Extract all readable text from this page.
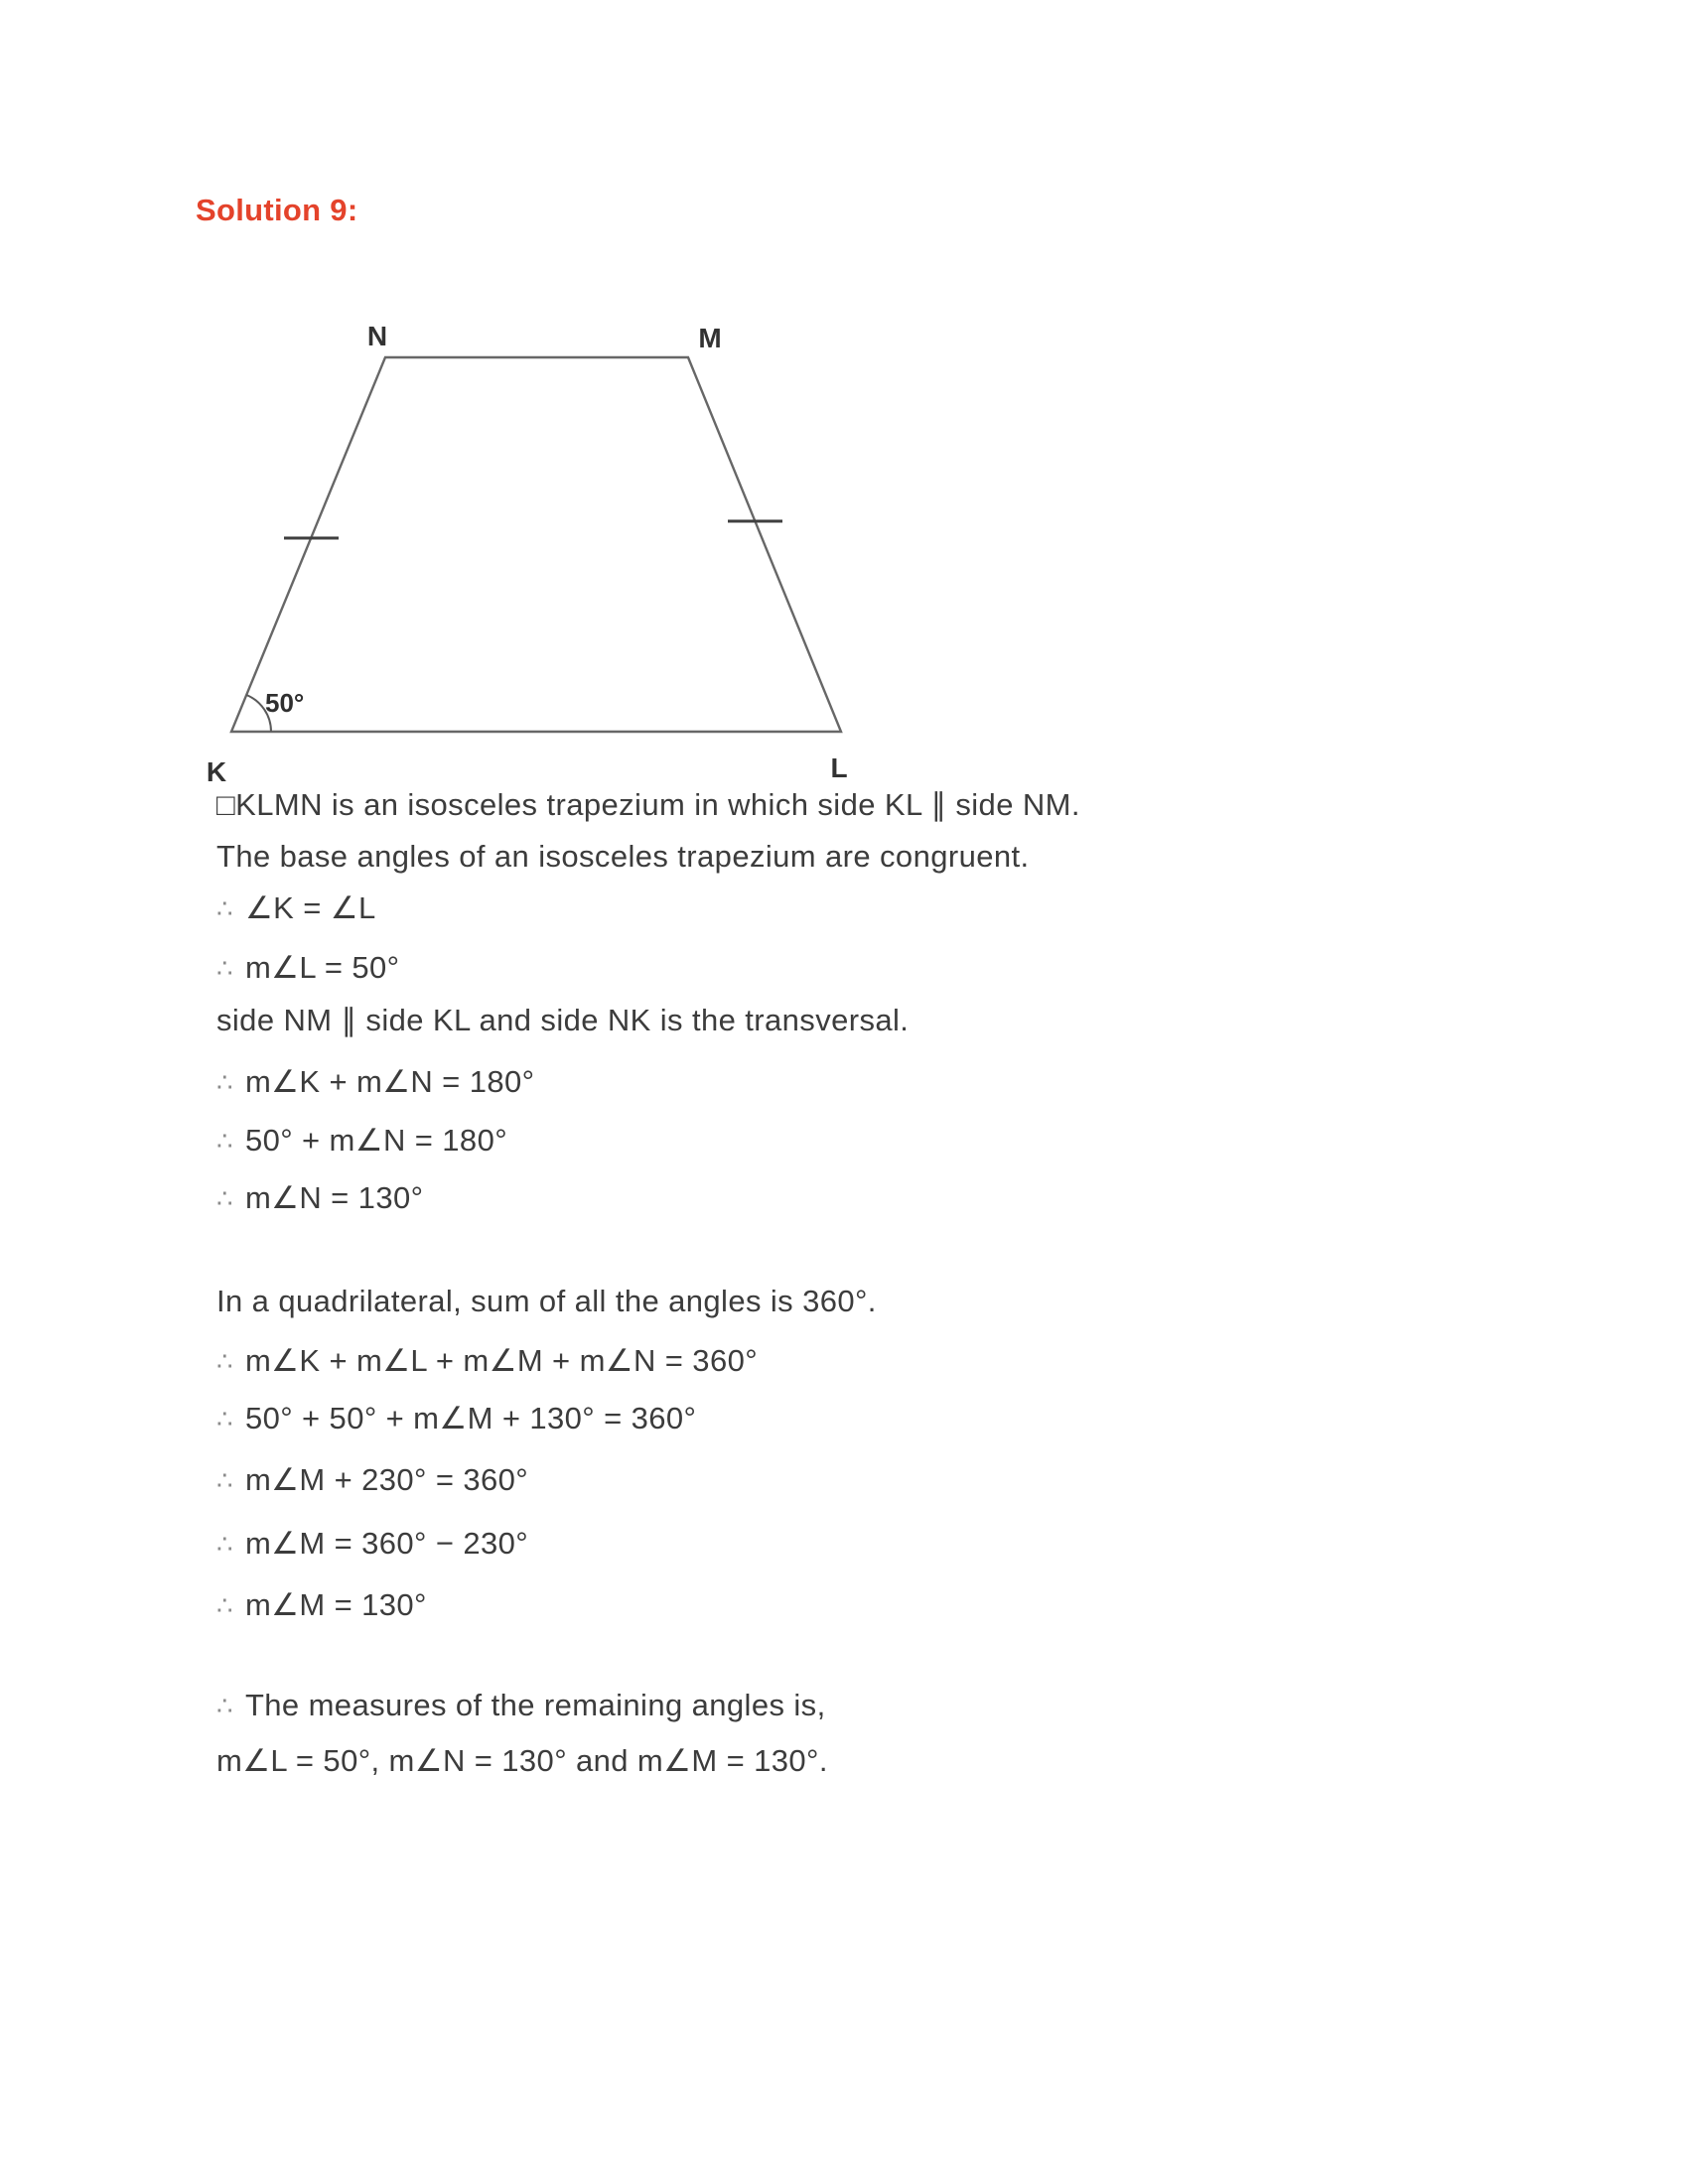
Solution 9:
N	M
K	L
50°
□KLMN is an isosceles trapezium in which side KL ∥ side NM.
The base angles of an isosceles trapezium are congruent.
∴ ∠K = ∠L
∴ m∠L = 50°
side NM ∥ side KL and side NK is the transversal.
∴ m∠K + m∠N = 180°
∴ 50° + m∠N = 180°
∴ m∠N = 130°
In a quadrilateral, sum of all the angles is 360°.
∴ m∠K + m∠L + m∠M + m∠N = 360°
∴ 50° + 50° + m∠M + 130° = 360°
∴ m∠M + 230° = 360°
∴ m∠M = 360° − 230°
∴ m∠M = 130°
∴ The measures of the remaining angles is,
m∠L = 50°, m∠N = 130° and m∠M = 130°.
